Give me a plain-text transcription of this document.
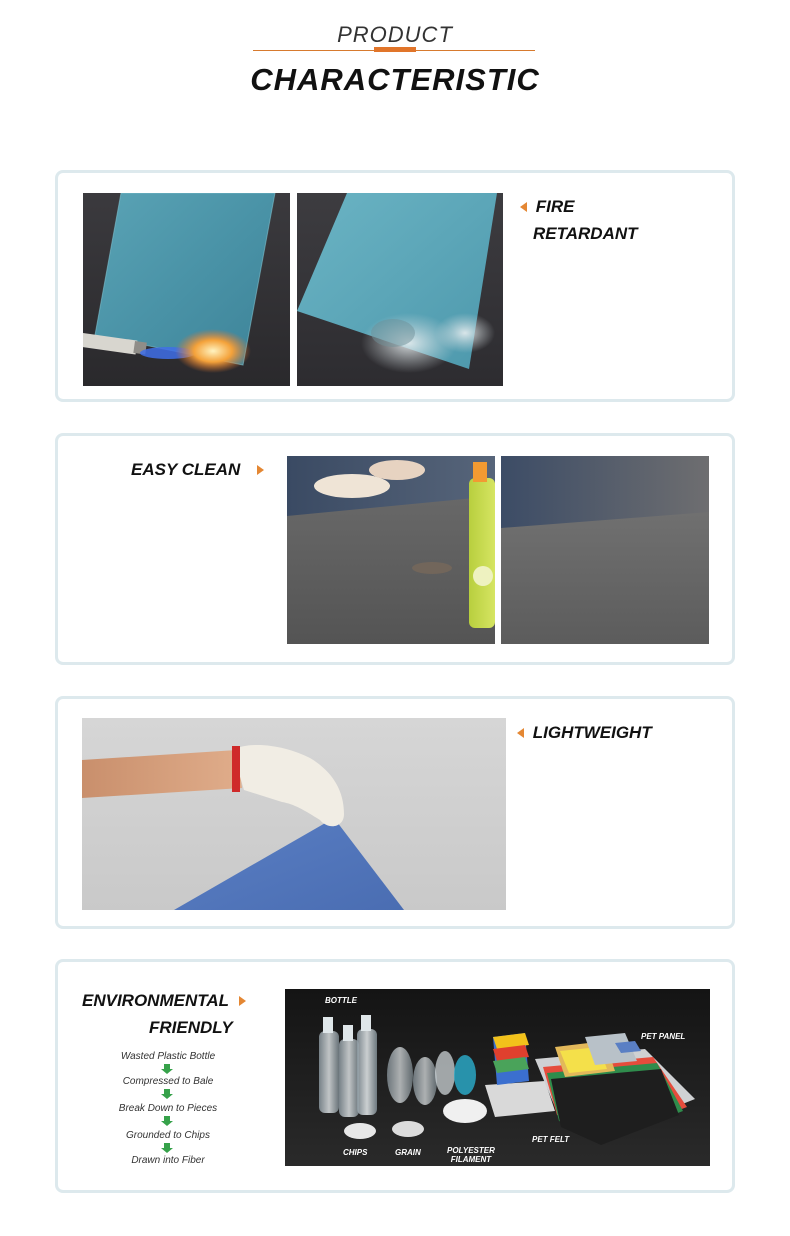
PRODUCT
CHARACTERISTIC
FIRE
RETARDANT
EASY CLEAN
LIGHTWEIGHT
ENVIRONMENTAL
FRIENDLY
Wasted Plastic Bottle
Compressed to Bale
Break Down to Pieces
Grounded to Chips
Drawn into Fiber
BOTTLE
PET PANEL
CHIPS	GRAIN	POLYESTER
FILAMENT
PET FELT
